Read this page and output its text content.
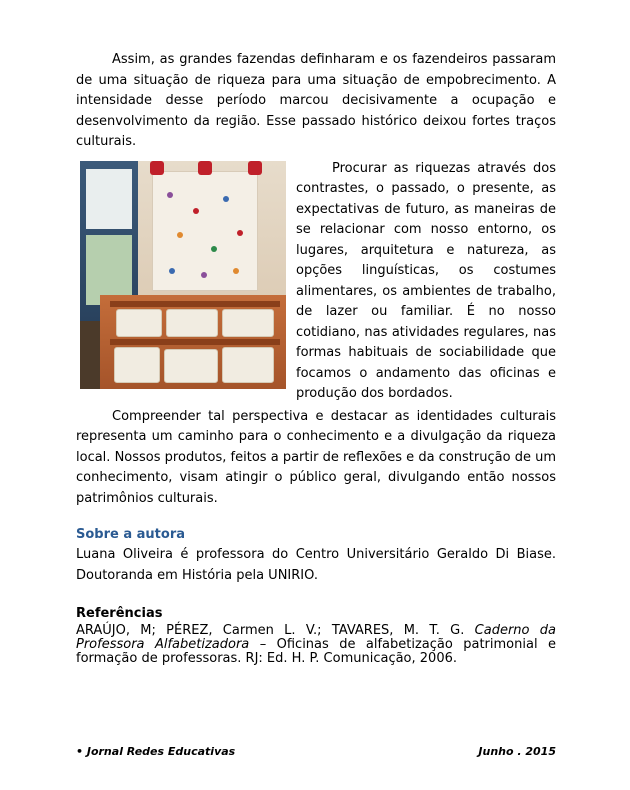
Assim, as grandes fazendas definharam e os fazendeiros passaram de uma situação de riqueza para uma situação de empobrecimento. A intensidade desse período marcou decisivamente a ocupação e desenvolvimento da região. Esse passado histórico deixou fortes traços culturais.

Procurar as riquezas através dos contrastes, o passado, o presente, as expectativas de futuro, as maneiras de se relacionar com nosso entorno, os lugares, arquitetura e natureza, as opções linguísticas, os costumes alimentares, os ambientes de trabalho, de lazer ou familiar. É no nosso cotidiano, nas atividades regulares, nas formas habituais de sociabilidade que focamos o andamento das oficinas e produção dos bordados.

Compreender tal perspectiva e destacar as identidades culturais representa um caminho para o conhecimento e a divulgação da riqueza local. Nossos produtos, feitos a partir de reflexões e da construção de um conhecimento, visam atingir o público geral, divulgando então nossos patrimônios culturais.

Sobre a autora

Luana Oliveira é professora do Centro Universitário Geraldo Di Biase. Doutoranda em História pela UNIRIO.

Referências

ARAÚJO, M; PÉREZ, Carmen L. V.; TAVARES, M. T. G. Caderno da Professora Alfabetizadora – Oficinas de alfabetização patrimonial e formação de professoras. RJ: Ed. H. P. Comunicação, 2006.

• Jornal Redes Educativas	Junho . 2015
